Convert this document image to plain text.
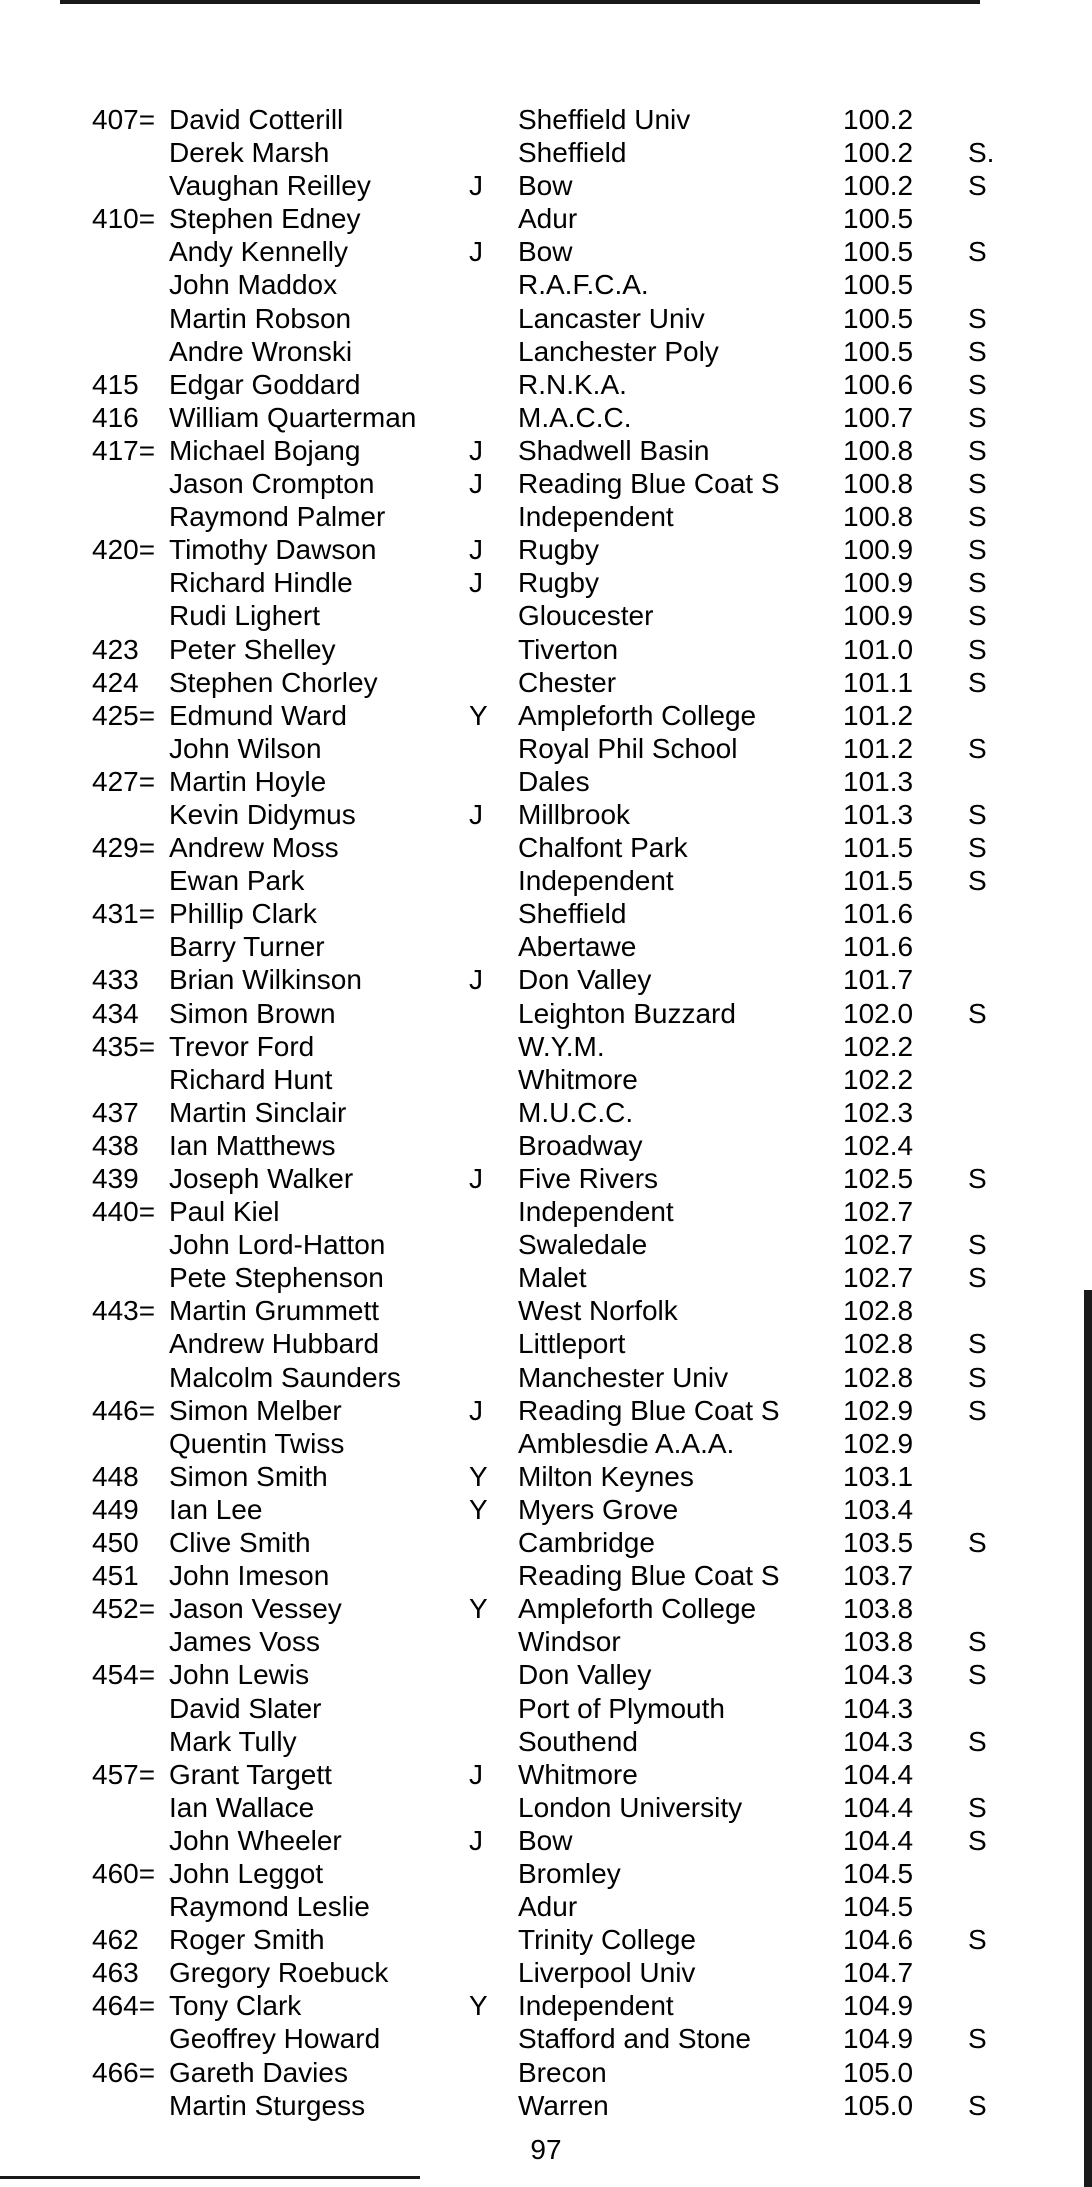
407= David Cotterill	Sheffield Univ	100.2
Derek Marsh	Sheffield	100.2 S.
Vaughan Reilley	J Bow	100.2 S
410= Stephen Edney	Adur	100.5
Andy Kennelly	J Bow	100.5 S
John Maddox	R.A.F.C.A.	100.5
Martin Robson	Lancaster Univ	100.5 S
Andre Wronski	Lanchester Poly	100.5 S
415 Edgar Goddard	R.N.K.A.	100.6 S
416 William Quarterman	M.A.C.C.	100.7 S
417= Michael Bojang	J Shadwell Basin	100.8 S
Jason Crompton	J Reading Blue Coat S 100.8 S
Raymond Palmer	Independent	100.8 S
420= Timothy Dawson	J Rugby	100.9 S
Richard Hindle	J Rugby	100.9 S
Rudi Lighert	Gloucester	100.9 S
423 Peter Shelley	Tiverton	101.0 S
424 Stephen Chorley	Chester	101.1 S
425= Edmund Ward	Y Ampleforth College	101.2
John Wilson	Royal Phil School	101.2 S
427= Martin Hoyle	Dales	101.3
Kevin Didymus	J Millbrook	101.3 S
429= Andrew Moss	Chalfont Park	101.5 S
Ewan Park	Independent	101.5 S
431= Phillip Clark	Sheffield	101.6
Barry Turner	Abertawe	101.6
433 Brian Wilkinson	J Don Valley	101.7
434 Simon Brown	Leighton Buzzard	102.0 S
435= Trevor Ford	W.Y.M.	102.2
Richard Hunt	Whitmore	102.2
437 Martin Sinclair	M.U.C.C.	102.3
438 Ian Matthews	Broadway	102.4
439 Joseph Walker	J Five Rivers	102.5 S
440= Paul Kiel	Independent	102.7
John Lord-Hatton	Swaledale	102.7 S
Pete Stephenson	Malet	102.7 S
443= Martin Grummett	West Norfolk	102.8
Andrew Hubbard	Littleport	102.8 S
Malcolm Saunders	Manchester Univ	102.8 S
446= Simon Melber	J Reading Blue Coat S 102.9 S
Quentin Twiss	Amblesdie A.A.A.	102.9
448 Simon Smith	Y Milton Keynes	103.1
449 Ian Lee	Y Myers Grove	103.4
450 Clive Smith	Cambridge	103.5 S
451 John Imeson	Reading Blue Coat S 103.7
452= Jason Vessey	Y Ampleforth College	103.8
James Voss	Windsor	103.8 S
454= John Lewis	Don Valley	104.3 S
David Slater	Port of Plymouth	104.3
Mark Tully	Southend	104.3 S
457= Grant Targett	J Whitmore	104.4
Ian Wallace	London University	104.4 S
John Wheeler	J Bow	104.4 S
460= John Leggot	Bromley	104.5
Raymond Leslie	Adur	104.5
462 Roger Smith	Trinity College	104.6 S
463 Gregory Roebuck	Liverpool Univ	104.7
464= Tony Clark	Y Independent	104.9
Geoffrey Howard	Stafford and Stone	104.9 S
466= Gareth Davies	Brecon	105.0
Martin Sturgess	Warren	105.0 S
97
